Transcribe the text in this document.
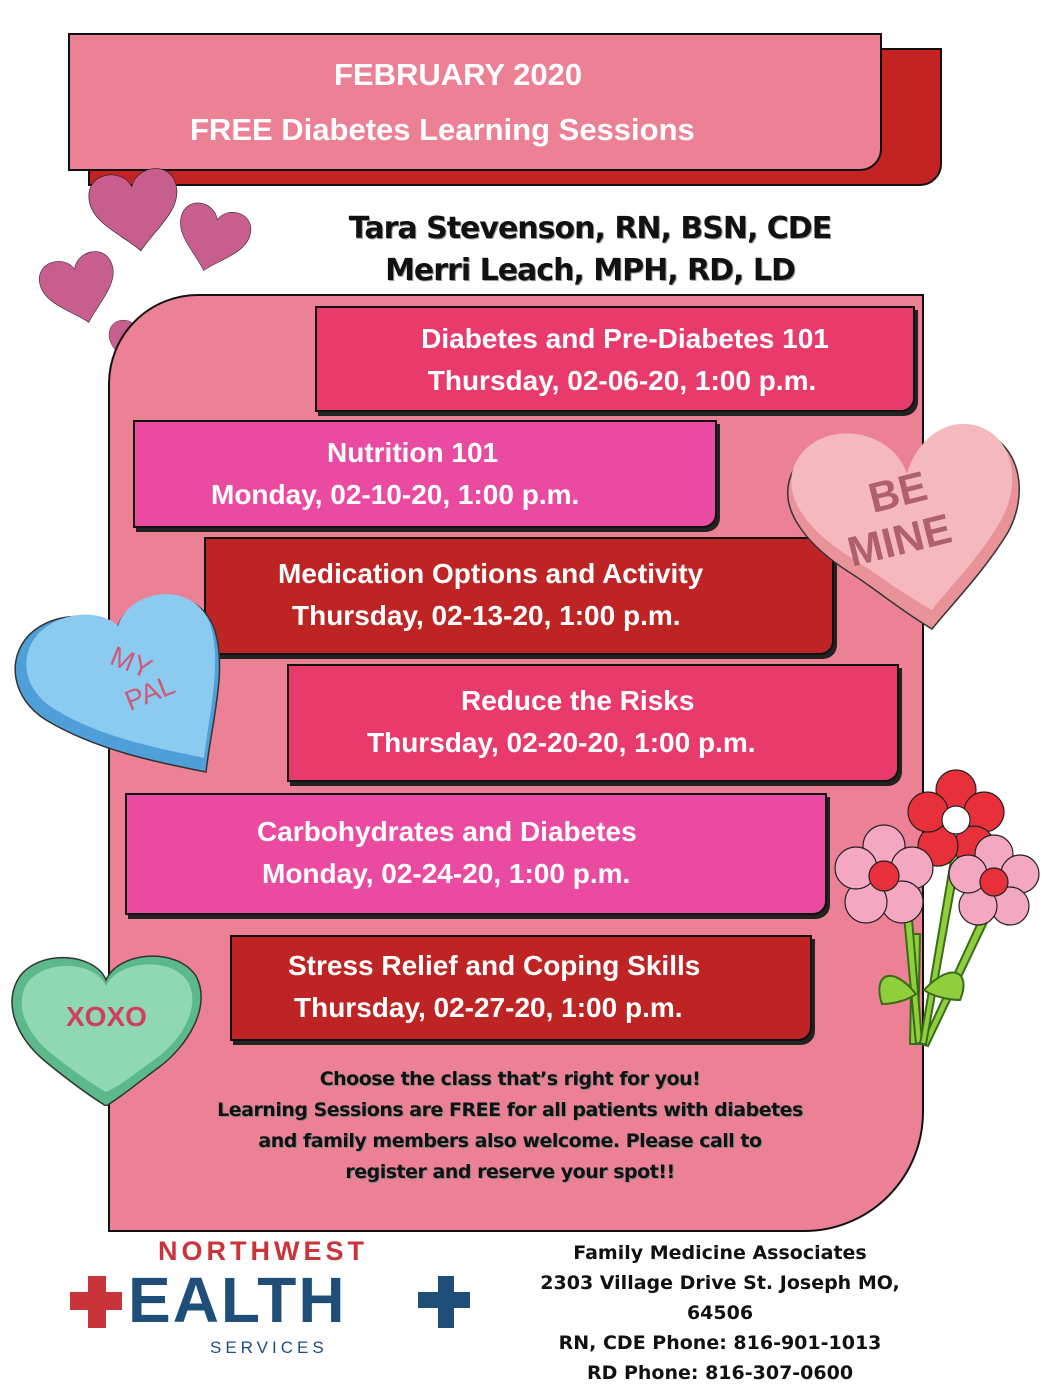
FEBRUARY 2020
FREE Diabetes Learning Sessions
Tara Stevenson, RN, BSN, CDE
Merri Leach, MPH, RD, LD
Diabetes and Pre-Diabetes 101
Thursday, 02-06-20, 1:00 p.m.
Nutrition 101
Monday, 02-10-20, 1:00 p.m.
Medication Options and Activity
Thursday, 02-13-20, 1:00 p.m.
Reduce the Risks
Thursday, 02-20-20, 1:00 p.m.
Carbohydrates and Diabetes
Monday, 02-24-20, 1:00 p.m.
Stress Relief and Coping Skills
Thursday, 02-27-20, 1:00 p.m.
BE
MINE
MY
PAL
XOXO
Choose the class that’s right for you!
Learning Sessions are FREE for all patients with diabetes
and family members also welcome. Please call to
register and reserve your spot!!
NORTHWEST
EALTH
SERVICES
Family Medicine Associates
2303 Village Drive St. Joseph MO, 64506
RN, CDE Phone: 816-901-1013
RD Phone: 816-307-0600
